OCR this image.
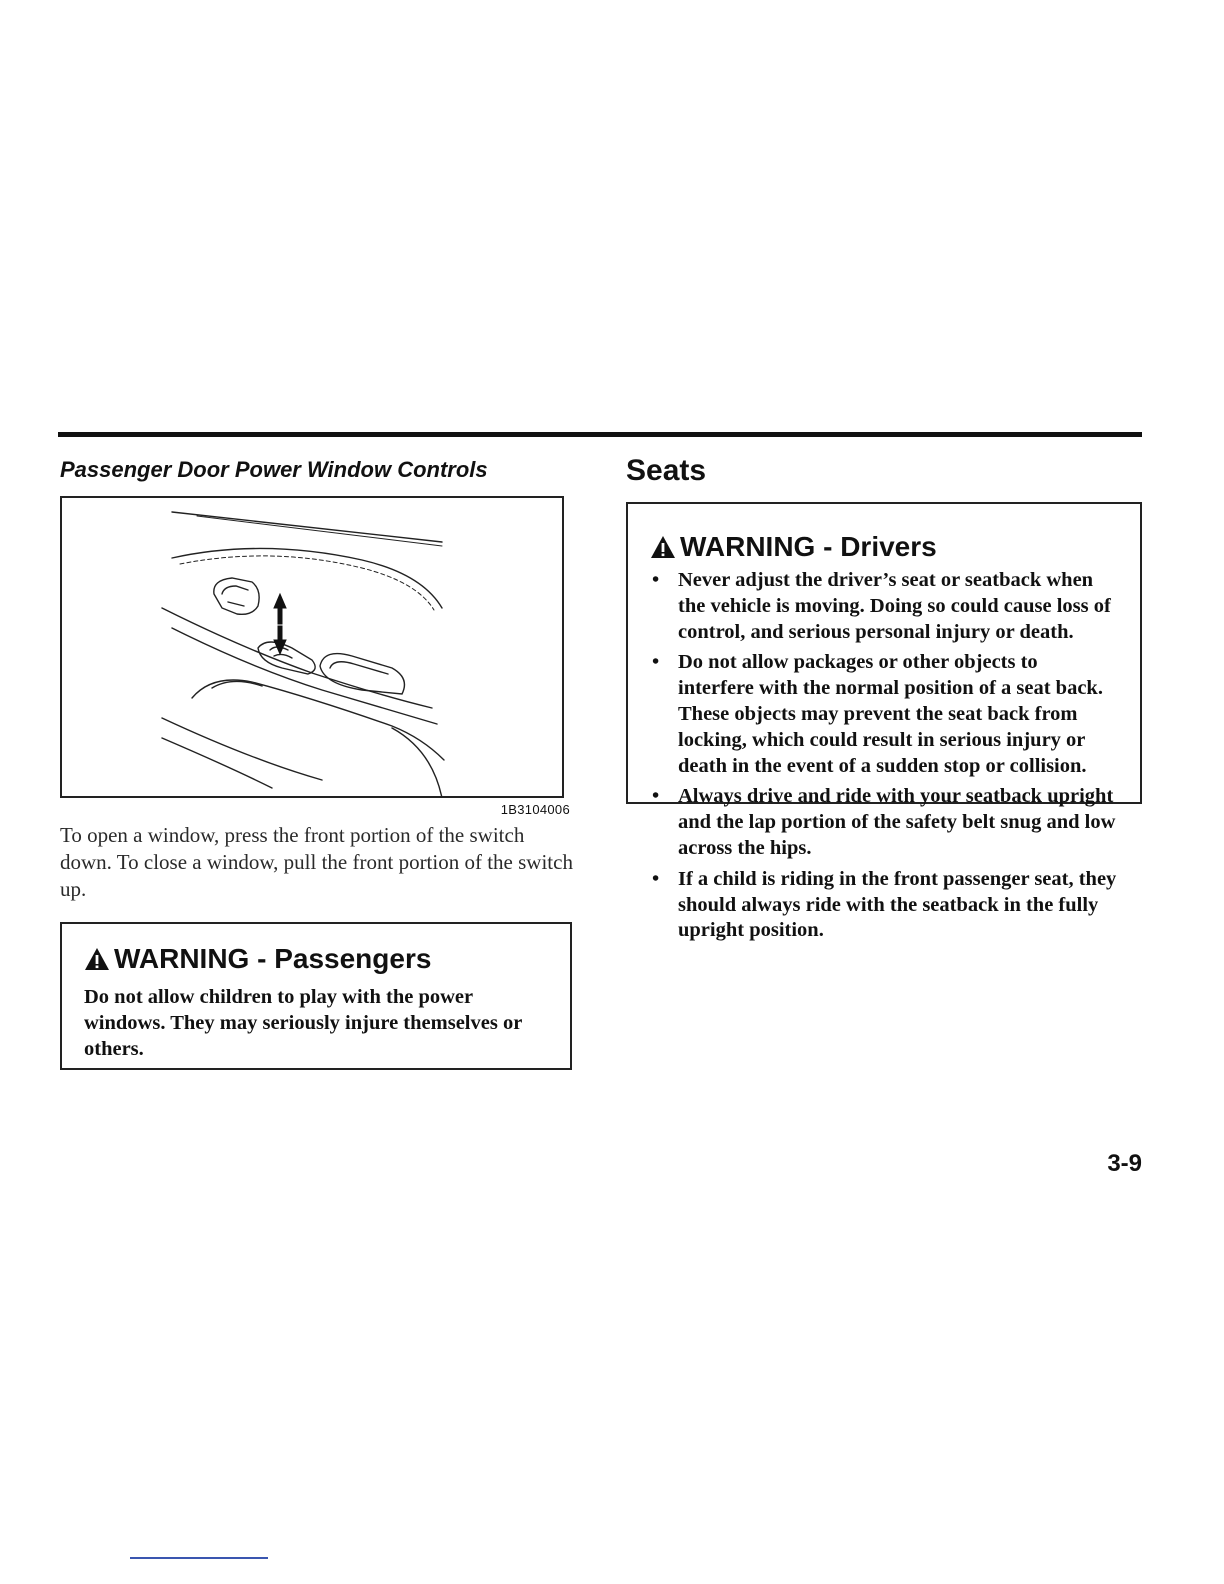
Passenger Door Power Window Controls
1B3104006

To open a window, press the front portion of the switch down. To close a window, pull the front portion of the switch up.

WARNING - Passengers

Do not allow children to play with the power windows. They may seriously injure themselves or others.

Seats
WARNING - Drivers
• Never adjust the driver’s seat or seatback when the vehicle is moving. Doing so could cause loss of control, and serious personal injury or death.
• Do not allow packages or other objects to interfere with the normal position of a seat back. These objects may prevent the seat back from locking, which could result in serious injury or death in the event of a sudden stop or collision.
• Always drive and ride with your seatback upright and the lap portion of the safety belt snug and low across the hips.
• If a child is riding in the front passenger seat, they should always ride with the seatback in the fully upright position.
3-9
